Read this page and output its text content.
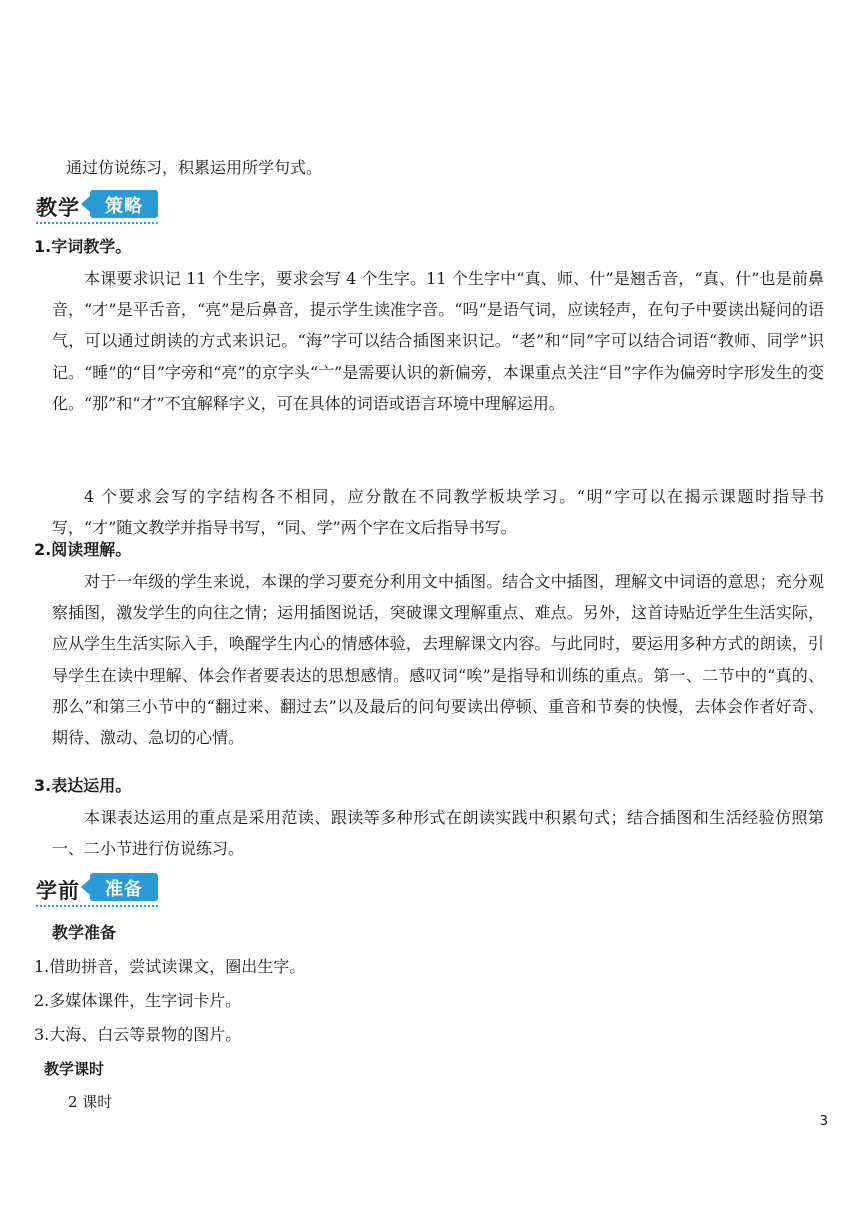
通过仿说练习，积累运用所学句式。
教学	策略
1.字词教学。
本课要求识记 11 个生字，要求会写 4 个生字。11 个生字中“真、师、什”是翘舌音，“真、什”也是前鼻音，“才”是平舌音，“亮”是后鼻音，提示学生读准字音。“吗”是语气词，应读轻声，在句子中要读出疑问的语气，可以通过朗读的方式来识记。“海”字可以结合插图来识记。“老”和“同”字可以结合词语“教师、同学”识记。“睡”的“目”字旁和“亮”的京字头“亠”是需要认识的新偏旁，本课重点关注“目”字作为偏旁时字形发生的变化。“那”和“才”不宜解释字义，可在具体的词语或语言环境中理解运用。
4 个要求会写的字结构各不相同，应分散在不同教学板块学习。“明”字可以在揭示课题时指导书写，“才”随文教学并指导书写，“同、学”两个字在文后指导书写。
2.阅读理解。
对于一年级的学生来说，本课的学习要充分利用文中插图。结合文中插图，理解文中词语的意思；充分观察插图，激发学生的向往之情；运用插图说话，突破课文理解重点、难点。另外，这首诗贴近学生生活实际，应从学生生活实际入手，唤醒学生内心的情感体验，去理解课文内容。与此同时，要运用多种方式的朗读，引导学生在读中理解、体会作者要表达的思想感情。感叹词“唉”是指导和训练的重点。第一、二节中的“真的、那么”和第三小节中的“翻过来、翻过去”以及最后的问句要读出停顿、重音和节奏的快慢，去体会作者好奇、期待、激动、急切的心情。
3.表达运用。
本课表达运用的重点是采用范读、跟读等多种形式在朗读实践中积累句式；结合插图和生活经验仿照第一、二小节进行仿说练习。
学前	准备
教学准备
1.借助拼音，尝试读课文，圈出生字。
2.多媒体课件，生字词卡片。
3.大海、白云等景物的图片。
教学课时
2 课时
3
